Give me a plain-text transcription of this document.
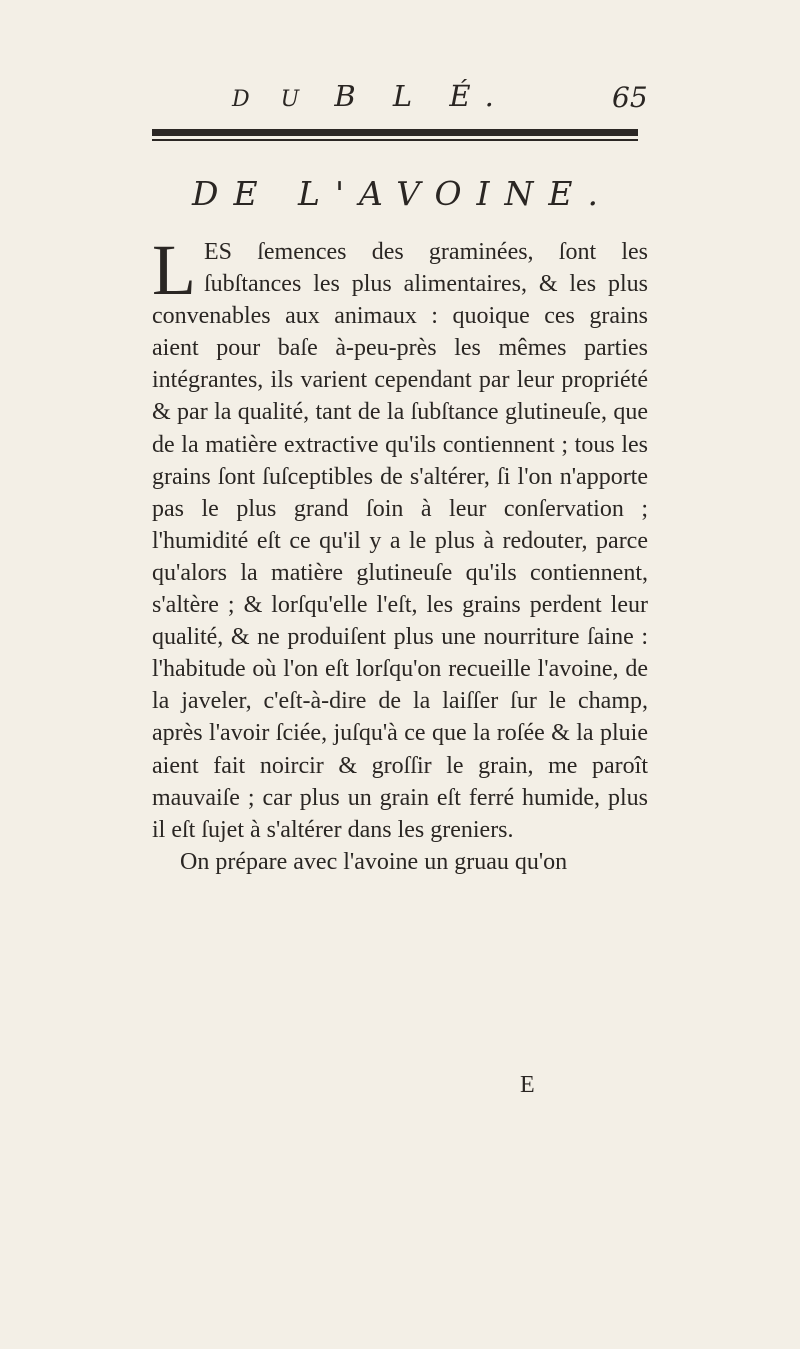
D U B L É.	65
DE L'AVOINE.

L ES ſemences des graminées, ſont les ſubſtances les plus alimentaires, & les plus convenables aux animaux : quoique ces grains aient pour baſe à-peu-près les mêmes parties intégrantes, ils varient cependant par leur propriété & par la qualité, tant de la ſubſtance glutineuſe, que de la matière extractive qu'ils contiennent ; tous les grains ſont ſuſceptibles de s'altérer, ſi l'on n'apporte pas le plus grand ſoin à leur conſervation ; l'humidité eſt ce qu'il y a le plus à redouter, parce qu'alors la matière glutineuſe qu'ils contiennent, s'altère ; & lorſqu'elle l'eſt, les grains perdent leur qualité, & ne produiſent plus une nourriture ſaine : l'habitude où l'on eſt lorſqu'on recueille l'avoine, de la javeler, c'eſt-à-dire de la laiſſer ſur le champ, après l'avoir ſciée, juſqu'à ce que la roſée & la pluie aient fait noircir & groſſir le grain, me paroît mauvaiſe ; car plus un grain eſt ferré humide, plus il eſt ſujet à s'altérer dans les greniers.

On prépare avec l'avoine un gruau qu'on

E
